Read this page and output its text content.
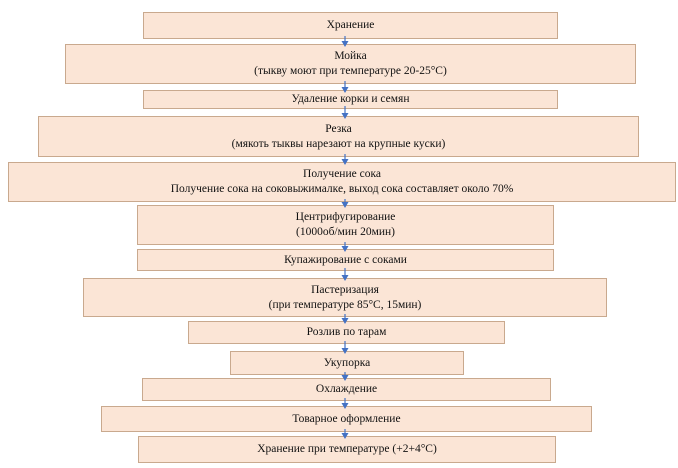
Хранение
Мойка
(тыкву моют при температуре 20-25°С)
Удаление корки и семян
Резка
(мякоть тыквы нарезают на крупные куски)
Получение сока
Получение сока на соковыжималке, выход сока составляет около 70%
Центрифугирование
(1000об/мин 20мин)
Купажирование с соками
Пастеризация
(при температуре 85°С, 15мин)
Розлив по тарам
Укупорка
Охлаждение
Товарное оформление
Хранение при температуре (+2+4°С)
